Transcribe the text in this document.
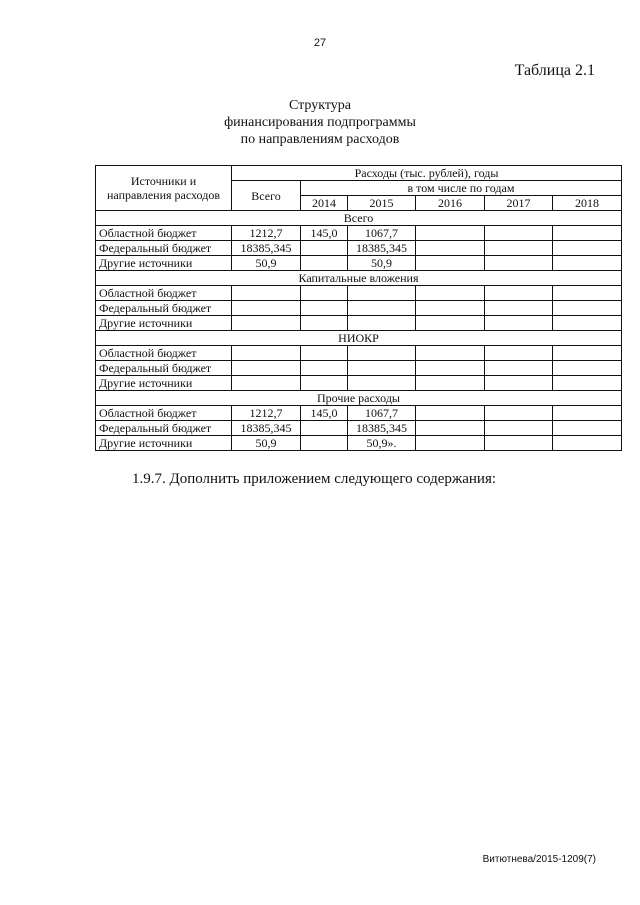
27
Таблица 2.1
Структура
финансирования подпрограммы
по направлениям расходов
Источники и
направления расходов	Расходы (тыс. рублей), годы					
	Всего	в том числе по годам				
		2014	2015	2016	2017	2018
Всего						
Областной бюджет	1212,7	145,0	1067,7			
Федеральный бюджет	18385,345		18385,345			
Другие источники	50,9		50,9			
Капитальные вложения						
Областной бюджет						
Федеральный бюджет						
Другие источники						
НИОКР						
Областной бюджет						
Федеральный бюджет						
Другие источники						
Прочие расходы						
Областной бюджет	1212,7	145,0	1067,7			
Федеральный бюджет	18385,345		18385,345			
Другие источники	50,9		50,9».			
1.9.7. Дополнить приложением следующего содержания:
Витютнева/2015-1209(7)
